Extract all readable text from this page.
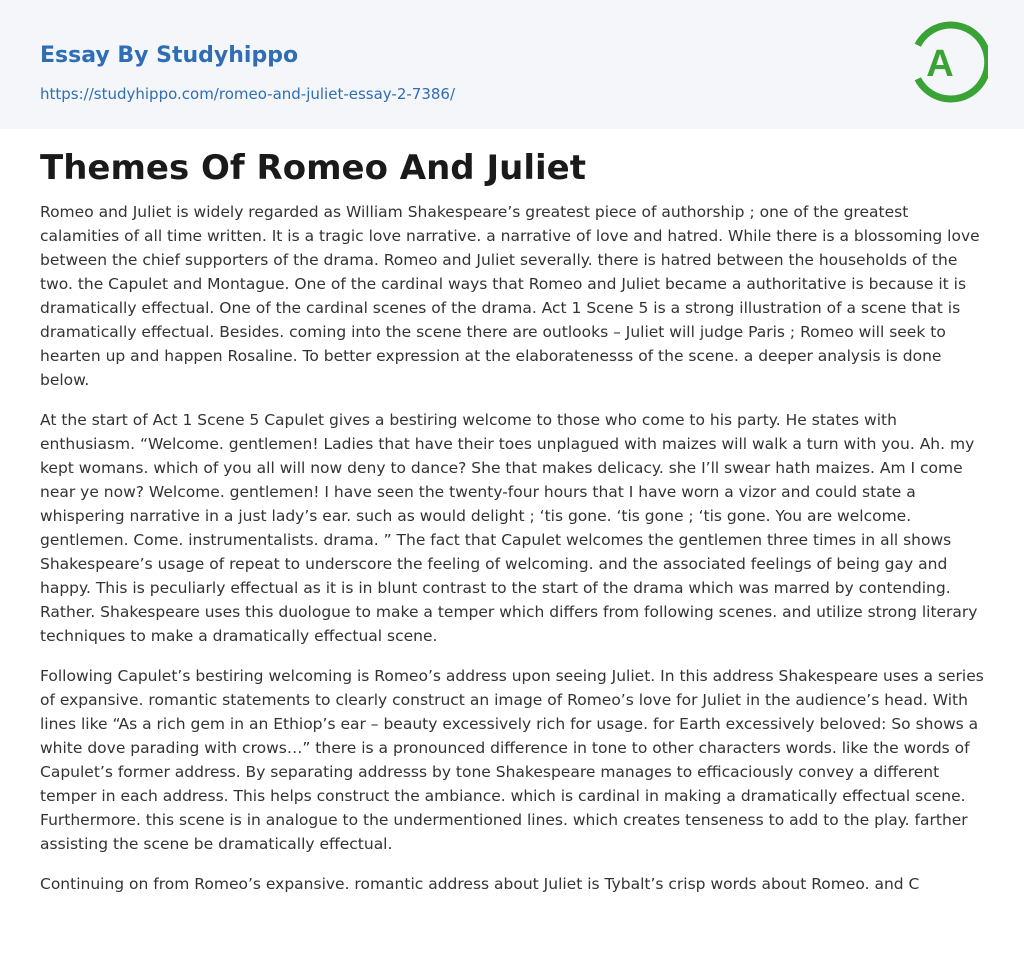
Essay By Studyhippo
https://studyhippo.com/romeo-and-juliet-essay-2-7386/
A
Themes Of Romeo And Juliet

Romeo and Juliet is widely regarded as William Shakespeare’s greatest piece of authorship ; one of the greatest calamities of all time written. It is a tragic love narrative. a narrative of love and hatred. While there is a blossoming love between the chief supporters of the drama. Romeo and Juliet severally. there is hatred between the households of the two. the Capulet and Montague. One of the cardinal ways that Romeo and Juliet became a authoritative is because it is dramatically effectual. One of the cardinal scenes of the drama. Act 1 Scene 5 is a strong illustration of a scene that is dramatically effectual. Besides. coming into the scene there are outlooks – Juliet will judge Paris ; Romeo will seek to hearten up and happen Rosaline. To better expression at the elaboratenesss of the scene. a deeper analysis is done below.

At the start of Act 1 Scene 5 Capulet gives a bestiring welcome to those who come to his party. He states with enthusiasm. “Welcome. gentlemen! Ladies that have their toes unplagued with maizes will walk a turn with you. Ah. my kept womans. which of you all will now deny to dance? She that makes delicacy. she I’ll swear hath maizes. Am I come near ye now? Welcome. gentlemen! I have seen the twenty-four hours that I have worn a vizor and could state a whispering narrative in a just lady’s ear. such as would delight ; ‘tis gone. ‘tis gone ; ‘tis gone. You are welcome. gentlemen. Come. instrumentalists. drama. ” The fact that Capulet welcomes the gentlemen three times in all shows Shakespeare’s usage of repeat to underscore the feeling of welcoming. and the associated feelings of being gay and happy. This is peculiarly effectual as it is in blunt contrast to the start of the drama which was marred by contending. Rather. Shakespeare uses this duologue to make a temper which differs from following scenes. and utilize strong literary techniques to make a dramatically effectual scene.

Following Capulet’s bestiring welcoming is Romeo’s address upon seeing Juliet. In this address Shakespeare uses a series of expansive. romantic statements to clearly construct an image of Romeo’s love for Juliet in the audience’s head. With lines like “As a rich gem in an Ethiop’s ear – beauty excessively rich for usage. for Earth excessively beloved: So shows a white dove parading with crows…” there is a pronounced difference in tone to other characters words. like the words of Capulet’s former address. By separating addresss by tone Shakespeare manages to efficaciously convey a different temper in each address. This helps construct the ambiance. which is cardinal in making a dramatically effectual scene. Furthermore. this scene is in analogue to the undermentioned lines. which creates tenseness to add to the play. farther assisting the scene be dramatically effectual.

Continuing on from Romeo’s expansive. romantic address about Juliet is Tybalt’s crisp words about Romeo. and C
